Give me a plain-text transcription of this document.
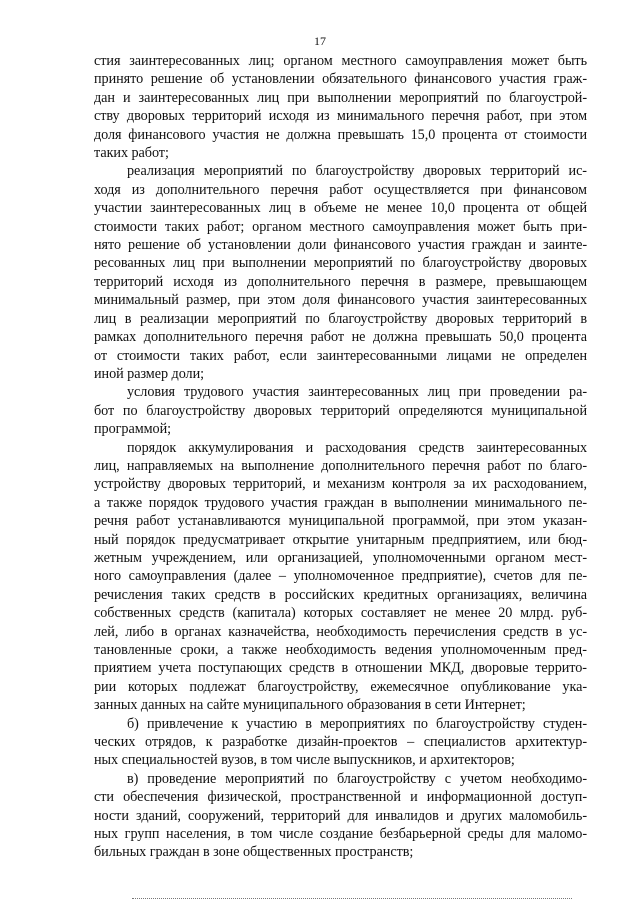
17
стия заинтересованных лиц; органом местного самоуправления может быть
принято решение об установлении обязательного финансового участия граж-
дан и заинтересованных лиц при выполнении мероприятий по благоустрой-
ству дворовых территорий исходя из минимального перечня работ, при этом
доля финансового участия не должна превышать 15,0 процента от стоимости
таких работ;
реализация мероприятий по благоустройству дворовых территорий ис-
ходя из дополнительного перечня работ осуществляется при финансовом
участии заинтересованных лиц в объеме не менее 10,0 процента от общей
стоимости таких работ; органом местного самоуправления может быть при-
нято решение об установлении доли финансового участия граждан и заинте-
ресованных лиц при выполнении мероприятий по благоустройству дворовых
территорий исходя из дополнительного перечня в размере, превышающем
минимальный размер, при этом доля финансового участия заинтересованных
лиц в реализации мероприятий по благоустройству дворовых территорий в
рамках дополнительного перечня работ не должна превышать 50,0 процента
от стоимости таких работ, если заинтересованными лицами не определен
иной размер доли;
условия трудового участия заинтересованных лиц при проведении ра-
бот по благоустройству дворовых территорий определяются муниципальной
программой;
порядок аккумулирования и расходования средств заинтересованных
лиц, направляемых на выполнение дополнительного перечня работ по благо-
устройству дворовых территорий, и механизм контроля за их расходованием,
а также порядок трудового участия граждан в выполнении минимального пе-
речня работ устанавливаются муниципальной программой, при этом указан-
ный порядок предусматривает открытие унитарным предприятием, или бюд-
жетным учреждением, или организацией, уполномоченными органом мест-
ного самоуправления (далее – уполномоченное предприятие), счетов для пе-
речисления таких средств в российских кредитных организациях, величина
собственных средств (капитала) которых составляет не менее 20 млрд. руб-
лей, либо в органах казначейства, необходимость перечисления средств в ус-
тановленные сроки, а также необходимость ведения уполномоченным пред-
приятием учета поступающих средств в отношении МКД, дворовые террито-
рии которых подлежат благоустройству, ежемесячное опубликование ука-
занных данных на сайте муниципального образования в сети Интернет;
б) привлечение к участию в мероприятиях по благоустройству студен-
ческих отрядов, к разработке дизайн-проектов – специалистов архитектур-
ных специальностей вузов, в том числе выпускников, и архитекторов;
в) проведение мероприятий по благоустройству с учетом необходимо-
сти обеспечения физической, пространственной и информационной доступ-
ности зданий, сооружений, территорий для инвалидов и других маломобиль-
ных групп населения, в том числе создание безбарьерной среды для маломо-
бильных граждан в зоне общественных пространств;
